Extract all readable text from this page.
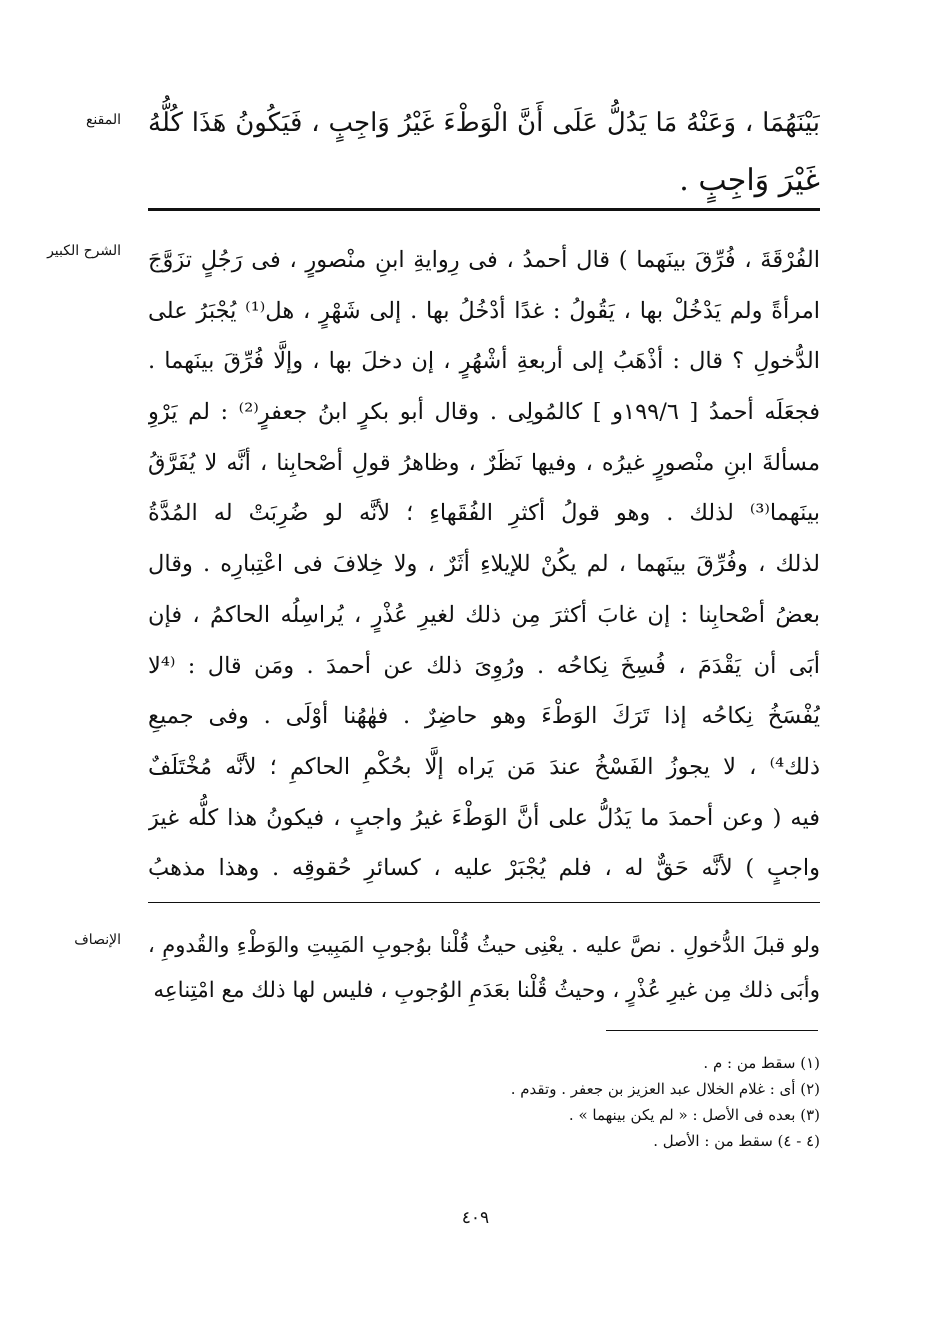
المقنع بَيْنَهُمَا ، وَعَنْهُ مَا يَدُلُّ عَلَى أَنَّ الْوَطْءَ غَيْرُ وَاجِبٍ ، فَيَكُونُ هَذَا كُلُّهُ
غَيْرَ وَاجِبٍ .
الشرح الكبير الفُرْقَةَ ، فُرِّقَ بينَهما ) قال أحمدُ ، فى رِوايةِ ابنِ منْصورٍ ، فى رَجُلٍ تزَوَّجَ
امرأةً ولم يَدْخُلْ بها ، يَقُولُ : غدًا أدْخُلُ بها . إلى شَهْرٍ ، هل⁽¹⁾ يُجْبَرُ على
الدُّخولِ ؟ قال : أذْهَبُ إلى أربعةِ أشْهُرٍ ، إن دخلَ بها ، وإلَّا فُرِّقَ بينَهما .
فجعَلَه أحمدُ [ ١٩٩/٦و ] كالمُولِى . وقال أبو بكرٍ ابنُ جعفرٍ⁽²⁾ : لم يَرْوِ
مسألةَ ابنِ منْصورٍ غيرُه ، وفيها نَظَرٌ ، وظاهرُ قولِ أصْحابِنا ، أنَّه لا يُفَرَّقُ
بينَهما⁽³⁾ لذلك . وهو قولُ أكثرِ الفُقَهاءِ ؛ لأنَّه لو ضُرِبَتْ له المُدَّةُ
لذلك ، وفُرِّقَ بينَهما ، لم يكُنْ للإيلاءِ أثَرٌ ، ولا خِلافَ فى اعْتِبارِه . وقال
بعضُ أصْحابِنا : إن غابَ أكثرَ مِن ذلك لغيرِ عُذْرٍ ، يُراسِلُه الحاكمُ ، فإن
أبَى أن يَقْدَمَ ، فُسِخَ نِكاحُه . ورُوِىَ ذلك عن أحمدَ . ومَن قال : ⁽⁴لا
يُفْسَخُ نِكاحُه إذا تَرَكَ الوَطْءَ وهو حاضِرٌ . فهٰهُنا أوْلَى . وفى جميعِ
ذلك⁴⁾ ، لا يجوزُ الفَسْخُ عندَ مَن يَراه إلَّا بحُكْمِ الحاكمِ ؛ لأنَّه مُخْتَلَفٌ
فيه ( وعن أحمدَ ما يَدُلُّ على أنَّ الوَطْءَ غيرُ واجبٍ ، فيكونُ هذا كلُّه غيرَ
واجبٍ ) لأنَّه حَقٌّ له ، فلم يُجْبَرْ عليه ، كسائرِ حُقوقِه . وهذا مذهبُ
الإنصاف ولو قبلَ الدُّخولِ . نصَّ عليه . يعْنِى حيثُ قُلْنا بوُجوبِ المَبِيتِ والوَطْءِ والقُدومِ ،
وأبَى ذلك مِن غيرِ عُذْرٍ ، وحيثُ قُلْنا بعَدَمِ الوُجوبِ ، فليس لها ذلك مع امْتِناعِه
(١) سقط من : م .
(٢) أى : غلام الخلال عبد العزيز بن جعفر . وتقدم .
(٣) بعده فى الأصل : « لم يكن بينهما » .
(٤ - ٤) سقط من : الأصل .
٤٠٩
